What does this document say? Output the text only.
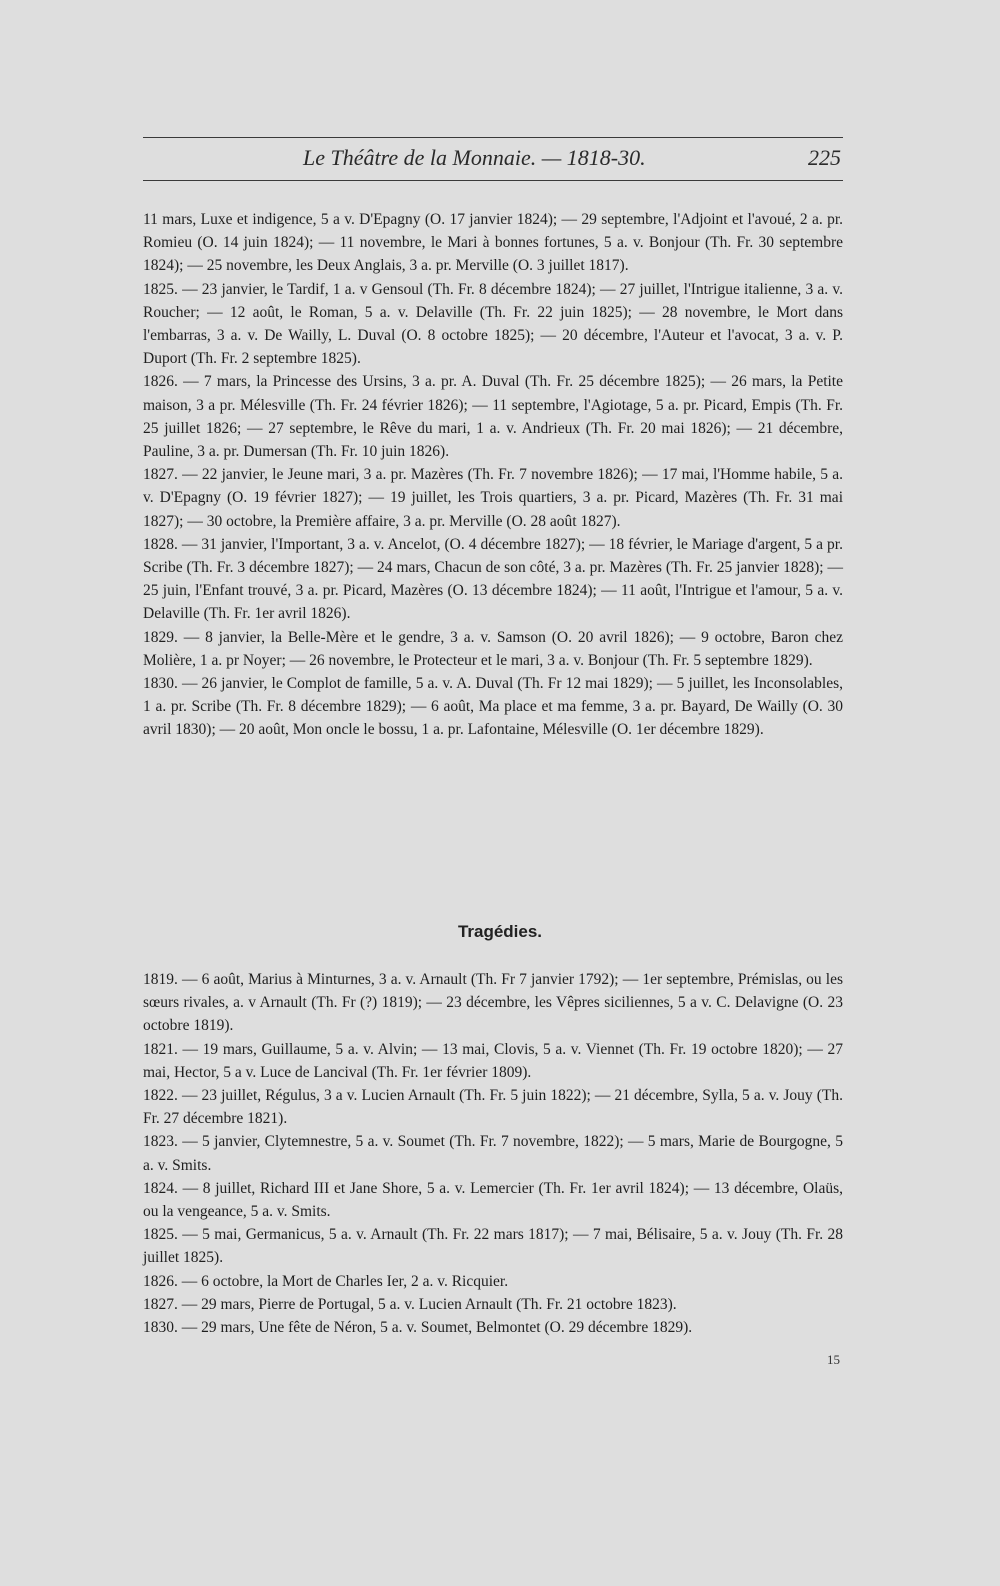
Le Théâtre de la Monnaie. — 1818-30.	225

11 mars, Luxe et indigence, 5 a v. D'Epagny (O. 17 janvier 1824); — 29 septembre, l'Adjoint et l'avoué, 2 a. pr. Romieu (O. 14 juin 1824); — 11 novembre, le Mari à bonnes fortunes, 5 a. v. Bonjour (Th. Fr. 30 septembre 1824); — 25 novembre, les Deux Anglais, 3 a. pr. Merville (O. 3 juillet 1817).

1825. — 23 janvier, le Tardif, 1 a. v Gensoul (Th. Fr. 8 décembre 1824); — 27 juillet, l'Intrigue italienne, 3 a. v. Roucher; — 12 août, le Roman, 5 a. v. Delaville (Th. Fr. 22 juin 1825); — 28 novembre, le Mort dans l'embarras, 3 a. v. De Wailly, L. Duval (O. 8 octobre 1825); — 20 décembre, l'Auteur et l'avocat, 3 a. v. P. Duport (Th. Fr. 2 septembre 1825).

1826. — 7 mars, la Princesse des Ursins, 3 a. pr. A. Duval (Th. Fr. 25 décembre 1825); — 26 mars, la Petite maison, 3 a pr. Mélesville (Th. Fr. 24 février 1826); — 11 septembre, l'Agiotage, 5 a. pr. Picard, Empis (Th. Fr. 25 juillet 1826; — 27 septembre, le Rêve du mari, 1 a. v. Andrieux (Th. Fr. 20 mai 1826); — 21 décembre, Pauline, 3 a. pr. Dumersan (Th. Fr. 10 juin 1826).

1827. — 22 janvier, le Jeune mari, 3 a. pr. Mazères (Th. Fr. 7 novembre 1826); — 17 mai, l'Homme habile, 5 a. v. D'Epagny (O. 19 février 1827); — 19 juillet, les Trois quartiers, 3 a. pr. Picard, Mazères (Th. Fr. 31 mai 1827); — 30 octobre, la Première affaire, 3 a. pr. Merville (O. 28 août 1827).

1828. — 31 janvier, l'Important, 3 a. v. Ancelot, (O. 4 décembre 1827); — 18 février, le Mariage d'argent, 5 a pr. Scribe (Th. Fr. 3 décembre 1827); — 24 mars, Chacun de son côté, 3 a. pr. Mazères (Th. Fr. 25 janvier 1828); — 25 juin, l'Enfant trouvé, 3 a. pr. Picard, Mazères (O. 13 décembre 1824); — 11 août, l'Intrigue et l'amour, 5 a. v. Delaville (Th. Fr. 1er avril 1826).

1829. — 8 janvier, la Belle-Mère et le gendre, 3 a. v. Samson (O. 20 avril 1826); — 9 octobre, Baron chez Molière, 1 a. pr Noyer; — 26 novembre, le Protecteur et le mari, 3 a. v. Bonjour (Th. Fr. 5 septembre 1829).

1830. — 26 janvier, le Complot de famille, 5 a. v. A. Duval (Th. Fr 12 mai 1829); — 5 juillet, les Inconsolables, 1 a. pr. Scribe (Th. Fr. 8 décembre 1829); — 6 août, Ma place et ma femme, 3 a. pr. Bayard, De Wailly (O. 30 avril 1830); — 20 août, Mon oncle le bossu, 1 a. pr. Lafontaine, Mélesville (O. 1er décembre 1829).

Tragédies.

1819. — 6 août, Marius à Minturnes, 3 a. v. Arnault (Th. Fr 7 janvier 1792); — 1er septembre, Prémislas, ou les sœurs rivales, a. v Arnault (Th. Fr (?) 1819); — 23 décembre, les Vêpres siciliennes, 5 a v. C. Delavigne (O. 23 octobre 1819).

1821. — 19 mars, Guillaume, 5 a. v. Alvin; — 13 mai, Clovis, 5 a. v. Viennet (Th. Fr. 19 octobre 1820); — 27 mai, Hector, 5 a v. Luce de Lancival (Th. Fr. 1er février 1809).

1822. — 23 juillet, Régulus, 3 a v. Lucien Arnault (Th. Fr. 5 juin 1822); — 21 décembre, Sylla, 5 a. v. Jouy (Th. Fr. 27 décembre 1821).

1823. — 5 janvier, Clytemnestre, 5 a. v. Soumet (Th. Fr. 7 novembre, 1822); — 5 mars, Marie de Bourgogne, 5 a. v. Smits.

1824. — 8 juillet, Richard III et Jane Shore, 5 a. v. Lemercier (Th. Fr. 1er avril 1824); — 13 décembre, Olaüs, ou la vengeance, 5 a. v. Smits.

1825. — 5 mai, Germanicus, 5 a. v. Arnault (Th. Fr. 22 mars 1817); — 7 mai, Bélisaire, 5 a. v. Jouy (Th. Fr. 28 juillet 1825).

1826. — 6 octobre, la Mort de Charles Ier, 2 a. v. Ricquier.

1827. — 29 mars, Pierre de Portugal, 5 a. v. Lucien Arnault (Th. Fr. 21 octobre 1823).

1830. — 29 mars, Une fête de Néron, 5 a. v. Soumet, Belmontet (O. 29 décembre 1829).

15
